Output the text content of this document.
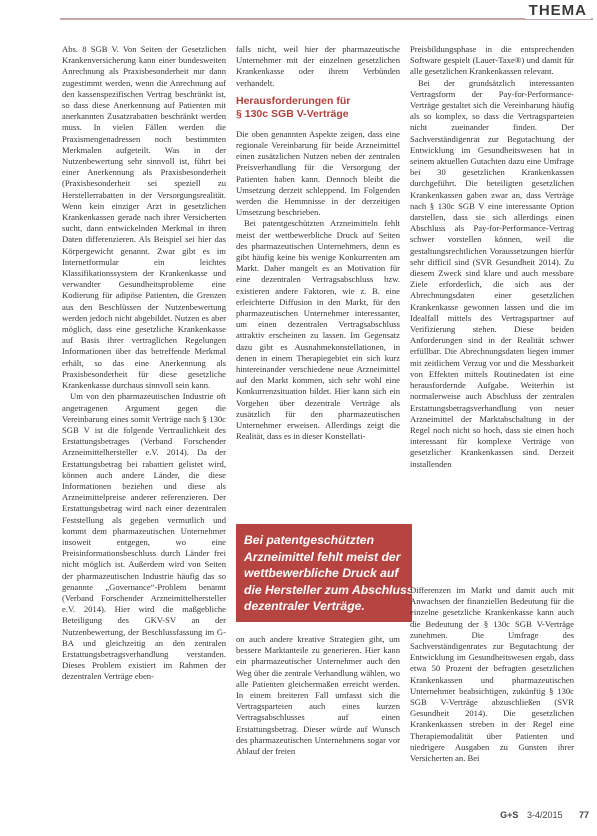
THEMA

Abs. 8 SGB V. Von Seiten der Gesetzlichen Krankenversicherung kann einer bundesweiten Anrechnung als Praxisbesonderheit nur dann zugestimmt werden, wenn die Anrechnung auf den kassenspezifischen Vertrag beschränkt ist, so dass diese Anerkennung auf Patienten mit anerkannten Zusatzrabatten beschränkt werden muss. In vielen Fällen werden die Praxismengenadressen noch bestimmten Merkmalen aufgeteilt. Was in der Nutzenbewertung sehr sinnvoll ist, führt bei einer Anerkennung als Praxisbesonderheit (Praxisbesonderheit sei speziell zu Herstellerrabatten in der Versorgungsrealität. Wenn kein einziger Arzt in gesetzlichen Krankenkassen gerade nach ihrer Versicherten sucht, dann entwickelnden Merkmal in ihren Daten differenzieren. Als Beispiel sei hier das Körpergewicht genannt. Zwar gibt es im Internetformular ein leichtes Klassifikationssystem der Krankenkasse und verwandter Gesundheitsprobleme eine Kodierung für adipöse Patienten, die Grenzen aus den Beschlüssen der Nutzenbewertung werden jedoch nicht abgebildet. Nutzen es aber möglich, dass eine gesetzliche Krankenkasse auf Basis ihrer vertraglichen Regelungen Informationen über das betreffende Merkmal erhält, so das eine Anerkennung als Praxisbesonderheit für diese gesetzliche Krankenkasse durchaus sinnvoll sein kann.

Um von den pharmazeutischen Industrie oft angetragenen Argument gegen die Vereinbarung eines somit Verträge nach § 130c SGB V ist die folgende Vertraulichkeit des Erstattungsbetrages (Verband Forschender Arzneimittelhersteller e.V. 2014). Da der Erstattungsbetrag bei rabattiert gelistet wird, können auch andere Länder, die diese Informationen beziehen und diese als Arzneimittelpreise anderer referenzieren. Der Erstattungsbetrag wird nach einer dezentralen Feststellung als gegeben vermutlich und kommt dem pharmazeutischen Unternehmer insoweit entgegen, wo eine Preisinformationsbeschluss durch Länder frei nicht möglich ist. Außerdem wird von Seiten der pharmazeutischen Industrie häufig das so genannte „Governance“-Problem benannt (Verband Forschender Arzneimittelhersteller e.V. 2014). Hier wird die maßgebliche Beteiligung des GKV-SV an der Nutzenbewertung, der Beschlussfassung im G-BA und gleichzeitig an den zentralen Erstattungsbetragsverhandlung verstanden. Dieses Problem existiert im Rahmen der dezentralen Verträge eben-

falls nicht, weil hier der pharmazeutische Unternehmer mit der einzelnen gesetzlichen Krankenkasse oder ihrem Verbünden verhandelt.

Herausforderungen für
§ 130c SGB V-Verträge

Die oben genannten Aspekte zeigen, dass eine regionale Vereinbarung für beide Arzneimittel einen zusätzlichen Nutzen neben der zentralen Preisverhandlung für die Versorgung der Patienten haben kann. Dennoch bleibt die Umsetzung derzeit schleppend. Im Folgenden werden die Hemmnisse in der derzeitigen Umsetzung beschrieben.

Bei patentgeschützten Arzneimitteln fehlt meist der wettbewerbliche Druck auf Seiten des pharmazeutischen Unternehmers, denn es gibt häufig keine bis wenige Konkurrenten am Markt. Daher mangelt es an Motivation für eine dezentralen Vertragsabschluss bzw. existieren andere Faktoren, wie z. B. eine erleichterte Diffusion in den Markt, für den pharmazeutischen Unternehmer interessanter, um einen dezentralen Vertragsabschluss attraktiv erscheinen zu lassen. Im Gegensatz dazu gibt es Ausnahmekonstellationen, in denen in einem Therapiegebiet ein sich kurz hintereinander verschiedene neue Arzneimittel auf den Markt kommen, sich sehr wohl eine Konkurrenzsituation bildet. Hier kann sich ein Vorgehen über dezentrale Verträge als zusätzlich für den pharmazeutischen Unternehmer erweisen. Allerdings zeigt die Realität, dass es in dieser Konstellati-

Bei patentgeschützten
Arzneimittel fehlt meist der
wettbewerbliche Druck auf
die Hersteller zum Abschluss
dezentraler Verträge.

on auch andere kreative Strategien gibt, um bessere Marktanteile zu generieren. Hier kann ein pharmazeutischer Unternehmer auch den Weg über die zentrale Verhandlung wählen, wo alle Patienten gleichermaßen erreicht werden. In einem breiteren Fall umfasst sich die Vertragsparteien auch eines kurzen Vertragsabschlusses auf einen Erstattungsbetrag. Dieser würde auf Wunsch des pharmazeutischen Unternehmens sogar vor Ablauf der freien

Preisbildungsphase in die entsprechenden Software gespielt (Lauer-Taxe®) und damit für alle gesetzlichen Krankenkassen relevant.

Bei der grundsätzlich interessanten Vertragsform der Pay-for-Performance-Verträge gestaltet sich die Vereinbarung häufig als so komplex, so dass die Vertragsparteien nicht zueinander finden. Der Sachverständigenrat zur Begutachtung der Entwicklung im Gesundheitswesen hat in seinem aktuellen Gutachten dazu eine Umfrage bei 30 gesetzlichen Krankenkassen durchgeführt. Die beteiligten gesetzlichen Krankenkassen gaben zwar an, dass Verträge nach § 130c SGB V eine interessante Option darstellen, dass sie sich allerdings einen Abschluss als Pay-for-Performance-Vertrag schwer vorstellen können, weil die gestaltungsrechtlichen Voraussetzungen hierfür sehr difficil sind (SVR Gesundheit 2014). Zu diesem Zweck sind klare und auch messbare Ziele erforderlich, die sich aus der Abrechnungsdaten einer gesetzlichen Krankenkasse gewonnen lassen und die im Idealfall mittels des Vertragspartner auf Verifizierung stehen. Diese beiden Anforderungen sind in der Realität schwer erfüllbar. Die Abrechnungsdaten liegen immer mit zeitlichem Verzug vor und die Messbarkeit von Effekten mittels Routinedaten ist eine herausfordernde Aufgabe. Weiterhin ist normalerweise auch Abschluss der zentralen Erstattungsbetragsverhandlung von neuer Arzneimittel der Marktabschaltung in der Regel noch nicht so hoch, dass sie einen hoch interessant für komplexe Verträge von gesetzlicher Krankenkassen sind. Derzeit installenden

Differenzen im Markt und damit auch mit Anwachsen der finanziellen Bedeutung für die einzelne gesetzliche Krankenkasse kann auch die Bedeutung der § 130c SGB V-Verträge zunehmen. Die Umfrage des Sachverständigenrates zur Begutachtung der Entwicklung im Gesundheitswesen ergab, dass etwa 50 Prozent der befragten gesetzlichen Krankenkassen und pharmazeutischen Unternehmer beabsichtigen, zukünftig § 130c SGB V-Verträge abzuschließen (SVR Gesundheit 2014). Die gesetzlichen Krankenkassen streben in der Regel eine Therapiemodalität über Patienten und niedrigere Ausgaben zu Gunsten ihrer Versicherten an. Bei

G+S 3-4/2015 77
